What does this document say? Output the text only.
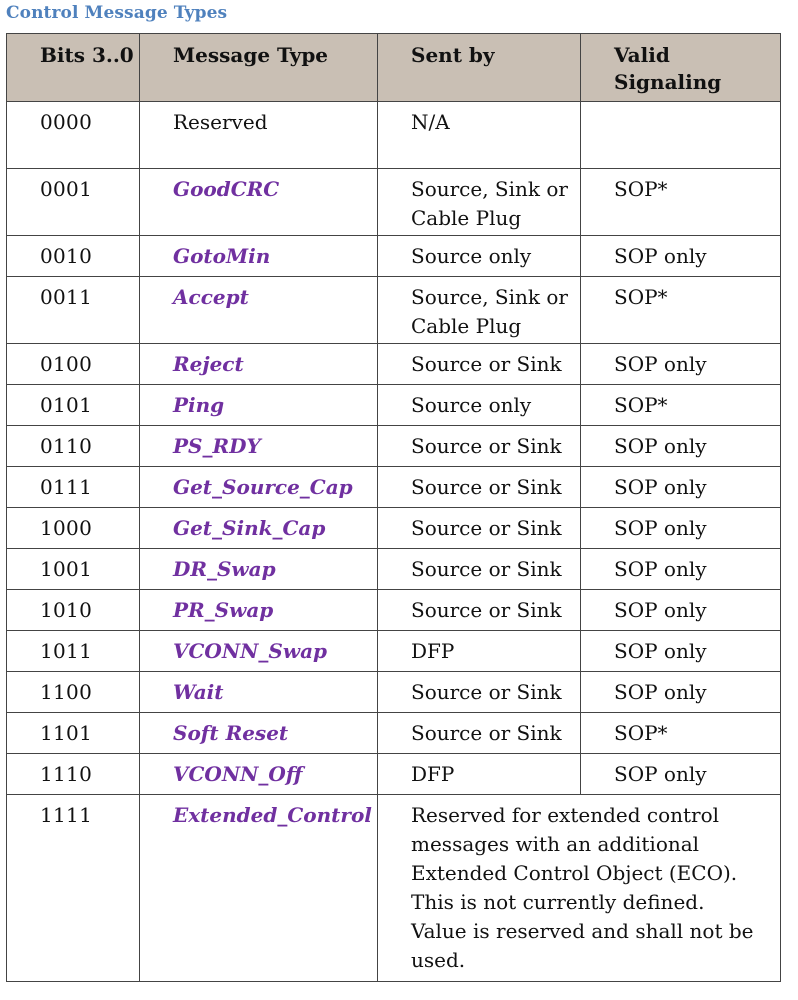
Control Message Types
Bits 3..0	Message Type	Sent by	Valid Signaling
0000	Reserved	N/A	
0001	GoodCRC	Source, Sink or Cable Plug	SOP*
0010	GotoMin	Source only	SOP only
0011	Accept	Source, Sink or Cable Plug	SOP*
0100	Reject	Source or Sink	SOP only
0101	Ping	Source only	SOP*
0110	PS_RDY	Source or Sink	SOP only
0111	Get_Source_Cap	Source or Sink	SOP only
1000	Get_Sink_Cap	Source or Sink	SOP only
1001	DR_Swap	Source or Sink	SOP only
1010	PR_Swap	Source or Sink	SOP only
1011	VCONN_Swap	DFP	SOP only
1100	Wait	Source or Sink	SOP only
1101	Soft Reset	Source or Sink	SOP*
1110	VCONN_Off	DFP	SOP only
1111	Extended_Control	Reserved for extended control messages with an additional Extended Control Object (ECO). This is not currently defined. Value is reserved and shall not be used.	
